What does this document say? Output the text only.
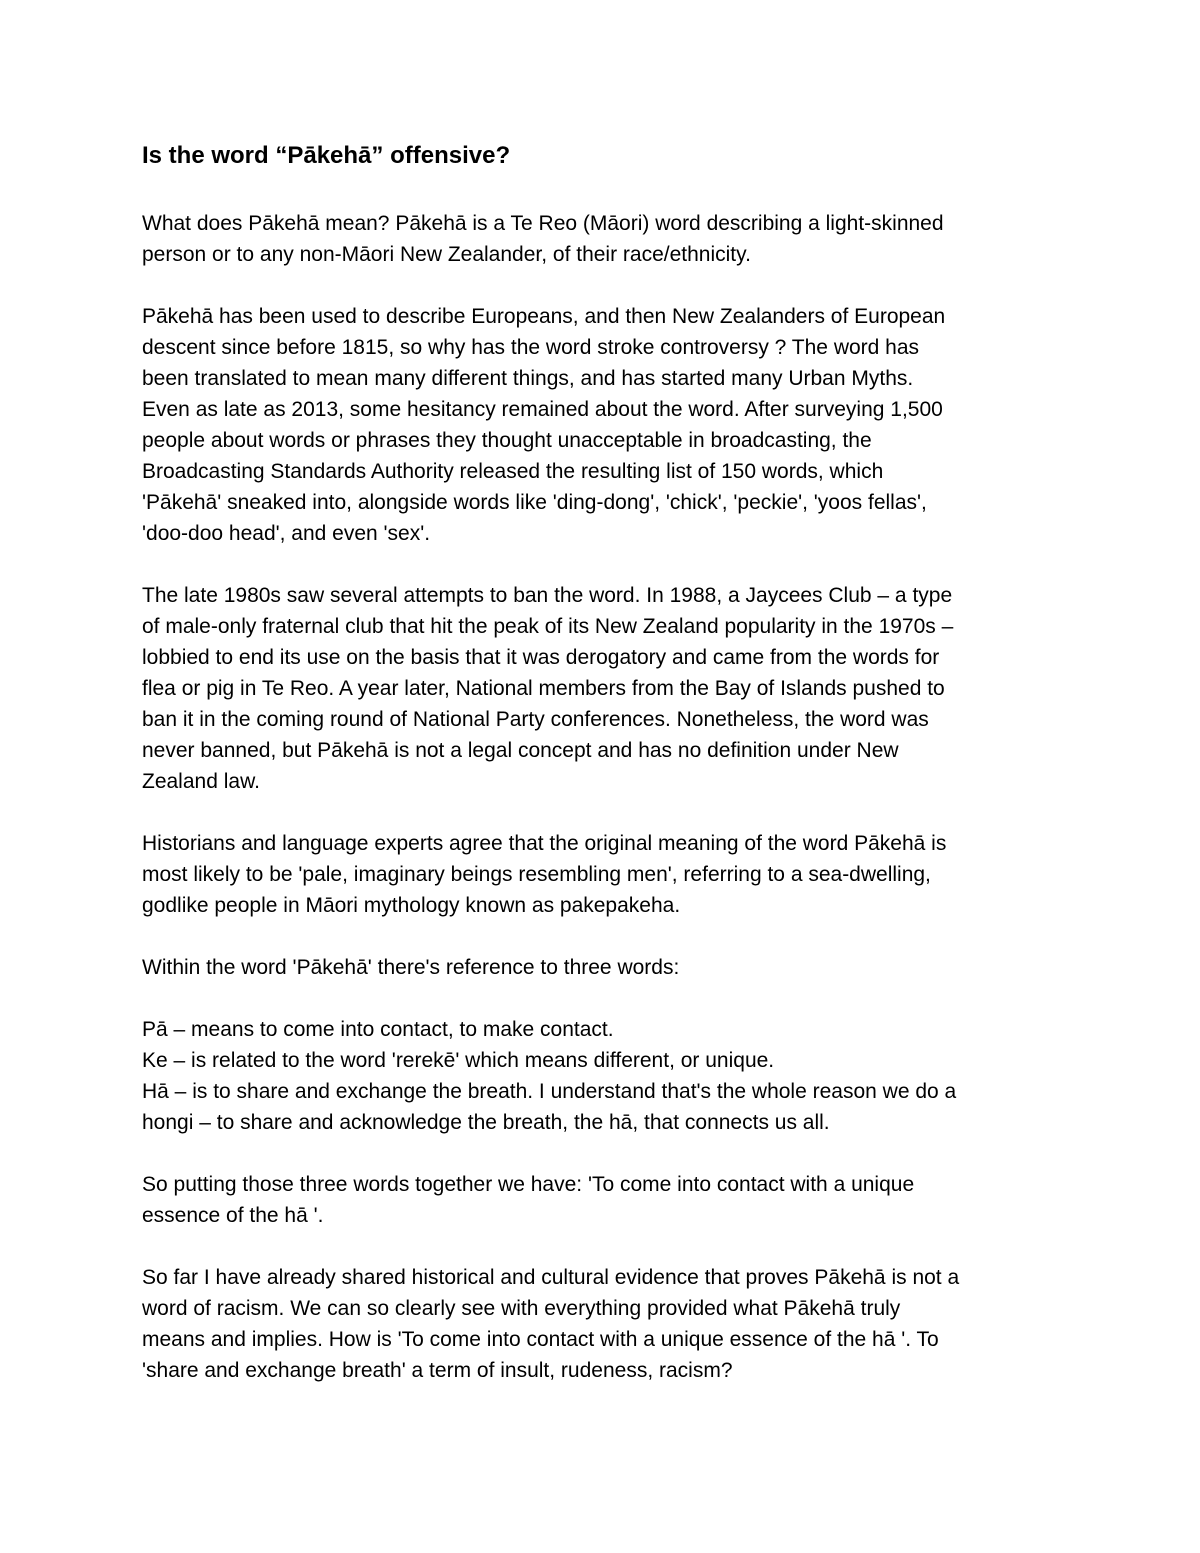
Is the word “Pākehā” offensive?

What does Pākehā mean? Pākehā is a Te Reo (Māori) word describing a light-skinned
person or to any non-Māori New Zealander, of their race/ethnicity.

Pākehā has been used to describe Europeans, and then New Zealanders of European
descent since before 1815, so why has the word stroke controversy ? The word has
been translated to mean many different things, and has started many Urban Myths.
Even as late as 2013, some hesitancy remained about the word. After surveying 1,500
people about words or phrases they thought unacceptable in broadcasting, the
Broadcasting Standards Authority released the resulting list of 150 words, which
'Pākehā' sneaked into, alongside words like 'ding-dong', 'chick', 'peckie', 'yoos fellas',
'doo-doo head', and even 'sex'.

The late 1980s saw several attempts to ban the word. In 1988, a Jaycees Club – a type
of male-only fraternal club that hit the peak of its New Zealand popularity in the 1970s –
lobbied to end its use on the basis that it was derogatory and came from the words for
flea or pig in Te Reo. A year later, National members from the Bay of Islands pushed to
ban it in the coming round of National Party conferences. Nonetheless, the word was
never banned, but Pākehā is not a legal concept and has no definition under New
Zealand law.

Historians and language experts agree that the original meaning of the word Pākehā is
most likely to be 'pale, imaginary beings resembling men', referring to a sea-dwelling,
godlike people in Māori mythology known as pakepakeha.

Within the word 'Pākehā' there's reference to three words:

Pā – means to come into contact, to make contact.
Ke – is related to the word 'rerekē' which means different, or unique.
Hā – is to share and exchange the breath. I understand that's the whole reason we do a
hongi – to share and acknowledge the breath, the hā, that connects us all.

So putting those three words together we have: 'To come into contact with a unique
essence of the hā '.

So far I have already shared historical and cultural evidence that proves Pākehā is not a
word of racism. We can so clearly see with everything provided what Pākehā truly
means and implies. How is 'To come into contact with a unique essence of the hā '. To
'share and exchange breath' a term of insult, rudeness, racism?
